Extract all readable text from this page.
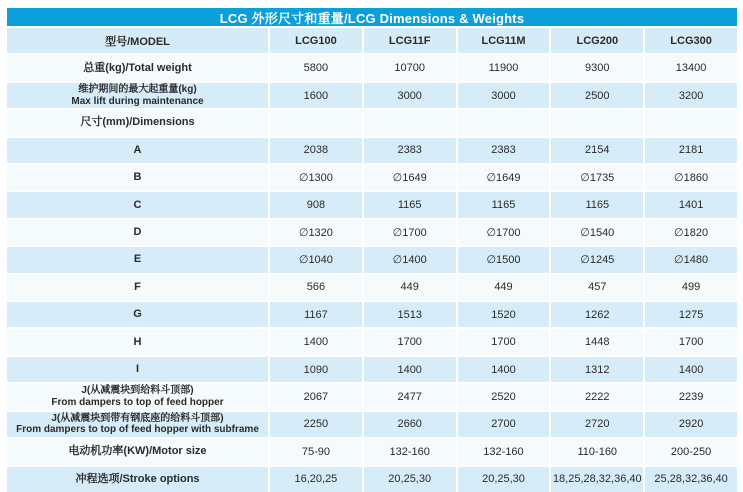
LCG 外形尺寸和重量/LCG Dimensions & Weights
型号/MODEL	LCG100	LCG11F	LCG11M	LCG200	LCG300
总重(kg)/Total weight	5800	10700	11900	9300	13400
维护期间的最大起重量(kg)
Max lift during maintenance	1600	3000	3000	2500	3200
尺寸(mm)/Dimensions
A	2038	2383	2383	2154	2181
B	∅1300	∅1649	∅1649	∅1735	∅1860
C	908	1165	1165	1165	1401
D	∅1320	∅1700	∅1700	∅1540	∅1820
E	∅1040	∅1400	∅1500	∅1245	∅1480
F	566	449	449	457	499
G	1167	1513	1520	1262	1275
H	1400	1700	1700	1448	1700
I	1090	1400	1400	1312	1400
J(从减震块到给料斗顶部)
From dampers to top of feed hopper	2067	2477	2520	2222	2239
J(从减震块到带有钢底座的给料斗顶部)
From dampers to top of feed hopper with subframe	2250	2660	2700	2720	2920
电动机功率(KW)/Motor size	75-90	132-160	132-160	110-160	200-250
冲程选项/Stroke options	16,20,25	20,25,30	20,25,30	18,25,28,32,36,40	25,28,32,36,40
